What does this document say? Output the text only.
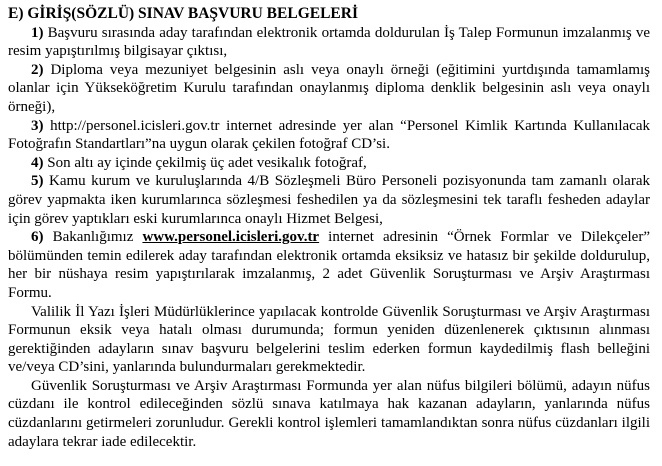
E) GİRİŞ(SÖZLÜ) SINAV BAŞVURU BELGELERİ

1) Başvuru sırasında aday tarafından elektronik ortamda doldurulan İş Talep Formunun imzalanmış ve resim yapıştırılmış bilgisayar çıktısı,

2) Diploma veya mezuniyet belgesinin aslı veya onaylı örneği (eğitimini yurtdışında tamamlamış olanlar için Yükseköğretim Kurulu tarafından onaylanmış diploma denklik belgesinin aslı veya onaylı örneği),

3) http://personel.icisleri.gov.tr internet adresinde yer alan “Personel Kimlik Kartında Kullanılacak Fotoğrafın Standartları”na uygun olarak çekilen fotoğraf CD’si.

4) Son altı ay içinde çekilmiş üç adet vesikalık fotoğraf,

5) Kamu kurum ve kuruluşlarında 4/B Sözleşmeli Büro Personeli pozisyonunda tam zamanlı olarak görev yapmakta iken kurumlarınca sözleşmesi feshedilen ya da sözleşmesini tek taraflı fesheden adaylar için görev yaptıkları eski kurumlarınca onaylı Hizmet Belgesi,

6) Bakanlığımız www.personel.icisleri.gov.tr internet adresinin “Örnek Formlar ve Dilekçeler” bölümünden temin edilerek aday tarafından elektronik ortamda eksiksiz ve hatasız bir şekilde doldurulup, her bir nüshaya resim yapıştırılarak imzalanmış, 2 adet Güvenlik Soruşturması ve Arşiv Araştırması Formu.

Valilik İl Yazı İşleri Müdürlüklerince yapılacak kontrolde Güvenlik Soruşturması ve Arşiv Araştırması Formunun eksik veya hatalı olması durumunda; formun yeniden düzenlenerek çıktısının alınması gerektiğinden adayların sınav başvuru belgelerini teslim ederken formun kaydedilmiş flash belleğini ve/veya CD’sini, yanlarında bulundurmaları gerekmektedir.

Güvenlik Soruşturması ve Arşiv Araştırması Formunda yer alan nüfus bilgileri bölümü, adayın nüfus cüzdanı ile kontrol edileceğinden sözlü sınava katılmaya hak kazanan adayların, yanlarında nüfus cüzdanlarını getirmeleri zorunludur. Gerekli kontrol işlemleri tamamlandıktan sonra nüfus cüzdanları ilgili adaylara tekrar iade edilecektir.
